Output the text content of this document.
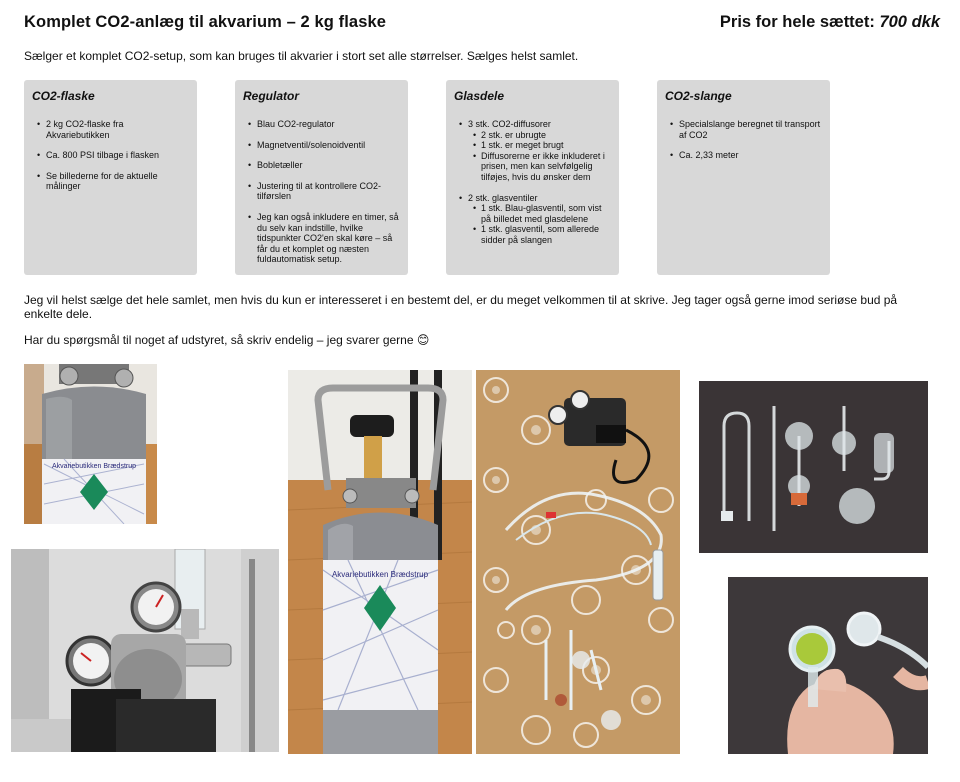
Komplet CO2-anlæg til akvarium – 2 kg flaske	Pris for hele sættet: 700 dkk
Sælger et komplet CO2-setup, som kan bruges til akvarier i stort set alle størrelser. Sælges helst samlet.
CO2-flaske
• 2 kg CO2-flaske fra Akvariebutikken
• Ca. 800 PSI tilbage i flasken
• Se billederne for de aktuelle målinger
Regulator
• Blau CO2-regulator
• Magnetventil/solenoidventil
• Bobletæller
• Justering til at kontrollere CO2-tilførslen
• Jeg kan også inkludere en timer, så du selv kan indstille, hvilke tidspunkter CO2'en skal køre – så får du et komplet og næsten fuldautomatisk setup.
Glasdele
• 3 stk. CO2-diffusorer
• 2 stk. er ubrugte
• 1 stk. er meget brugt
• Diffusorerne er ikke inkluderet i prisen, men kan selvfølgelig tilføjes, hvis du ønsker dem
• 2 stk. glasventiler
• 1 stk. Blau-glasventil, som vist på billedet med glasdelene
• 1 stk. glasventil, som allerede sidder på slangen
CO2-slange
• Specialslange beregnet til transport af CO2
• Ca. 2,33 meter
Jeg vil helst sælge det hele samlet, men hvis du kun er interesseret i en bestemt del, er du meget velkommen til at skrive. Jeg tager også gerne imod seriøse bud på enkelte dele.
Har du spørgsmål til noget af udstyret, så skriv endelig – jeg svarer gerne 😊
Akvariebutikken Brædstrup
Akvariebutikken Brædstrup
